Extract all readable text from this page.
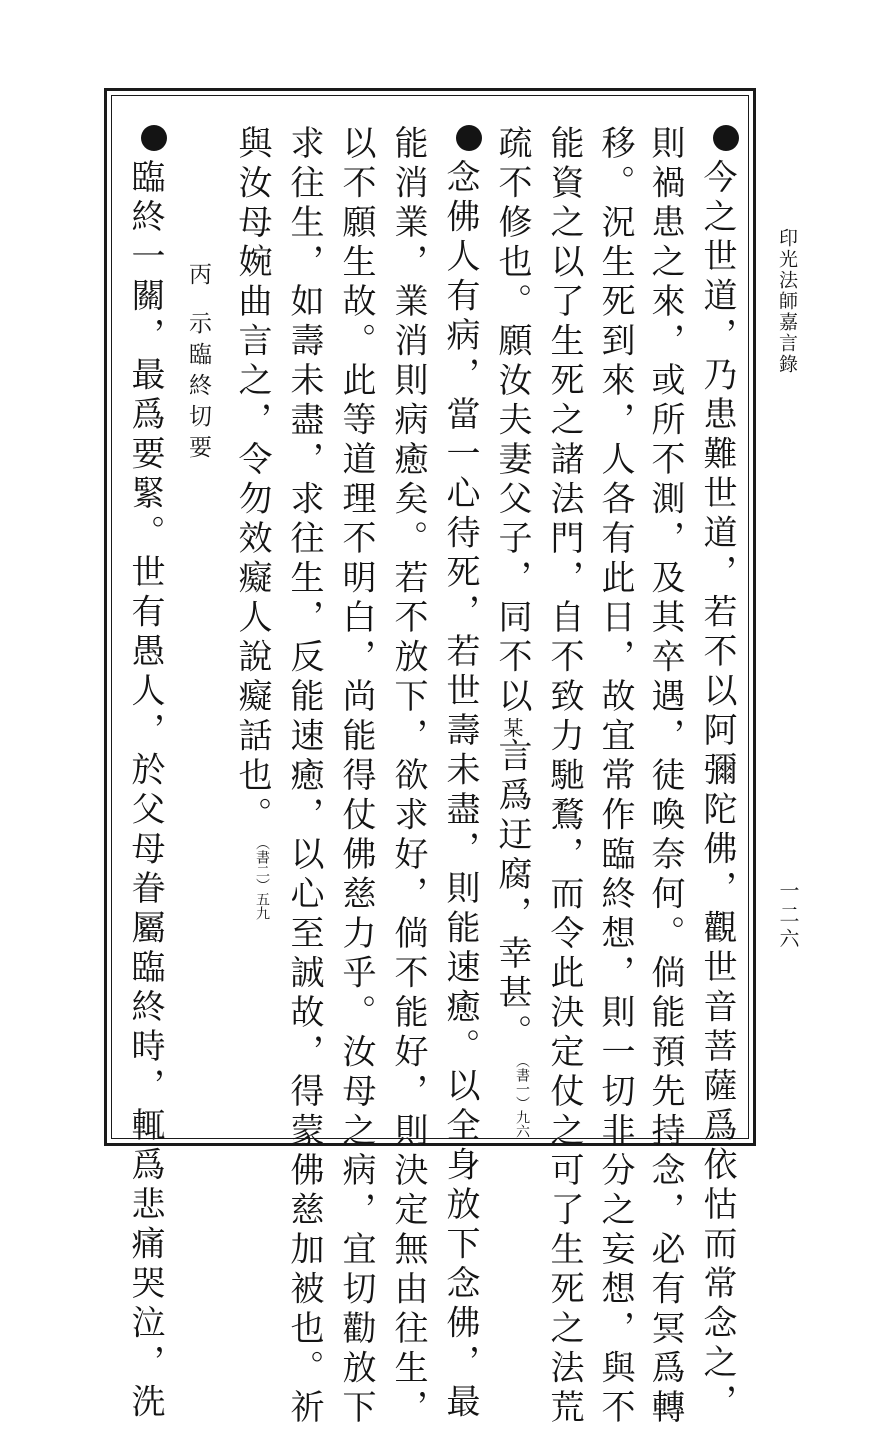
印光法師嘉言錄
一二六
今之世道，乃患難世道，若不以阿彌陀佛，觀世音菩薩爲依怙而常念之，
則禍患之來，或所不測，及其卒遇，徒喚奈何。倘能預先持念，必有冥爲轉
移。況生死到來，人各有此日，故宜常作臨終想，則一切非分之妄想，與不
能資之以了生死之諸法門，自不致力馳鶩，而令此決定仗之可了生死之法荒
疏不修也。願汝夫妻父子，同不以某言爲迂腐，幸甚。（書一）九六
念佛人有病，當一心待死，若世壽未盡，則能速癒。以全身放下念佛，最
能消業，業消則病癒矣。若不放下，欲求好，倘不能好，則決定無由往生，
以不願生故。此等道理不明白，尚能得仗佛慈力乎。汝母之病，宜切勸放下
求往生，如壽未盡，求往生，反能速癒，以心至誠故，得蒙佛慈加被也。祈
與汝母婉曲言之，令勿效癡人說癡話也。（書二）五九
丙示臨終切要
臨終一關，最爲要緊。世有愚人，於父母眷屬臨終時，輒爲悲痛哭泣，洗
